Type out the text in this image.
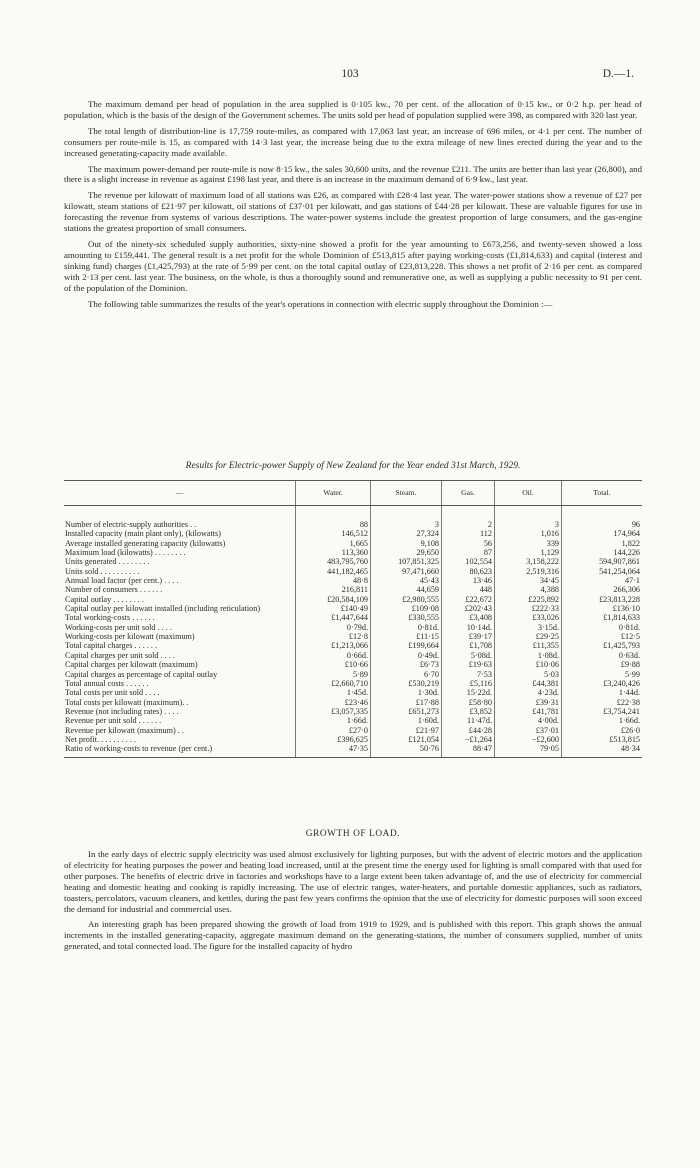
103	D.—1.

The maximum demand per head of population in the area supplied is 0·105 kw., 70 per cent. of the allocation of 0·15 kw., or 0·2 h.p. per head of population, which is the basis of the design of the Government schemes. The units sold per head of population supplied were 398, as compared with 320 last year.

The total length of distribution-line is 17,759 route-miles, as compared with 17,063 last year, an increase of 696 miles, or 4·1 per cent. The number of consumers per route-mile is 15, as compared with 14·3 last year, the increase being due to the extra mileage of new lines erected during the year and to the increased generating-capacity made available.

The maximum power-demand per route-mile is now 8·15 kw., the sales 30,600 units, and the revenue £211. The units are better than last year (26,800), and there is a slight increase in revenue as against £198 last year, and there is an increase in the maximum demand of 6·9 kw., last year.

The revenue per kilowatt of maximum load of all stations was £26, as compared with £28·4 last year. The water-power stations show a revenue of £27 per kilowatt, steam stations of £21·97 per kilowatt, oil stations of £37·01 per kilowatt, and gas stations of £44·28 per kilowatt. These are valuable figures for use in forecasting the revenue from systems of various descriptions. The water-power systems include the greatest proportion of large consumers, and the gas-engine stations the greatest proportion of small consumers.

Out of the ninety-six scheduled supply authorities, sixty-nine showed a profit for the year amounting to £673,256, and twenty-seven showed a loss amounting to £159,441. The general result is a net profit for the whole Dominion of £513,815 after paying working-costs (£1,814,633) and capital (interest and sinking fund) charges (£1,425,793) at the rate of 5·99 per cent. on the total capital outlay of £23,813,228. This shows a net profit of 2·16 per cent. as compared with 2·13 per cent. last year. The business, on the whole, is thus a thoroughly sound and remunerative one, as well as supplying a public necessity to 91 per cent. of the population of the Dominion.

The following table summarizes the results of the year's operations in connection with electric supply throughout the Dominion :—

Results for Electric-power Supply of New Zealand for the Year ended 31st March, 1929.
—	Water.	Steam.	Gas.	Oil.	Total.

Number of electric-supply authorities . .	88	3	2	3	96
Installed capacity (main plant only), (kilowatts)	146,512	27,324	112	1,016	174,964
Average installed generating capacity (kilowatts)	1,665	9,108	56	339	1,822
Maximum load (kilowatts) . . . . . . . .	113,360	29,650	87	1,129	144,226
Units generated . . . . . . . .	483,795,760	107,851,325	102,554	3,158,222	594,907,861
Units sold . . . . . . . . . .	441,182,465	97,471,660	80,623	2,519,316	541,254,064
Annual load factor (per cent.) . . . .	48·8	45·43	13·46	34·45	47·1
Number of consumers . . . . . .	216,811	44,659	448	4,388	266,306
Capital outlay . . . . . . . .	£20,584,109	£2,980,555	£22,672	£225,892	£23,813,228
Capital outlay per kilowatt installed (including reticulation)	£140·49	£109·08	£202·43	£222·33	£136·10
Total working-costs . . . . . .	£1,447,644	£330,555	£3,408	£33,026	£1,814,633
Working-costs per unit sold . . . .	0·79d.	0·81d.	10·14d.	3·15d.	0·81d.
Working-costs per kilowatt (maximum)	£12·8	£11·15	£39·17	£29·25	£12·5
Total capital charges . . . . . .	£1,213,066	£199,664	£1,708	£11,355	£1,425,793
Capital charges per unit sold . . . .	0·66d.	0·49d.	5·08d.	1·08d.	0·63d.
Capital charges per kilowatt (maximum)	£10·66	£6·73	£19·63	£10·06	£9·88
Capital charges as percentage of capital outlay	5·89	6·70	7·53	5·03	5·99
Total annual costs . . . . . .	£2,660,710	£530,219	£5,116	£44,381	£3,240,426
Total costs per unit sold . . . .	1·45d.	1·30d.	15·22d.	4·23d.	1·44d.
Total costs per kilowatt (maximum). .	£23·46	£17·88	£58·80	£39·31	£22·38
Revenue (not including rates) . . . .	£3,057,335	£651,273	£3,852	£41,781	£3,754,241
Revenue per unit sold . . . . . .	1·66d.	1·60d.	11·47d.	4·00d.	1·66d.
Revenue per kilowatt (maximum) . .	£27·0	£21·97	£44·28	£37·01	£26·0
Net profit. . . . . . . . . .	£396,625	£121,054	−£1,264	−£2,600	£513,815
Ratio of working-costs to revenue (per cent.)	47·35	50·76	88·47	79·05	48·34
GROWTH OF LOAD.

In the early days of electric supply electricity was used almost exclusively for lighting purposes, but with the advent of electric motors and the application of electricity for heating purposes the power and heating load increased, until at the present time the energy used for lighting is small compared with that used for other purposes. The benefits of electric drive in factories and workshops have to a large extent been taken advantage of, and the use of electricity for commercial heating and domestic heating and cooking is rapidly increasing. The use of electric ranges, water-heaters, and portable domestic appliances, such as radiators, toasters, percolators, vacuum cleaners, and kettles, during the past few years confirms the opinion that the use of electricity for domestic purposes will soon exceed the demand for industrial and commercial uses.

An interesting graph has been prepared showing the growth of load from 1919 to 1929, and is published with this report. This graph shows the annual increments in the installed generating-capacity, aggregate maximum demand on the generating-stations, the number of consumers supplied, number of units generated, and total connected load. The figure for the installed capacity of hydro
